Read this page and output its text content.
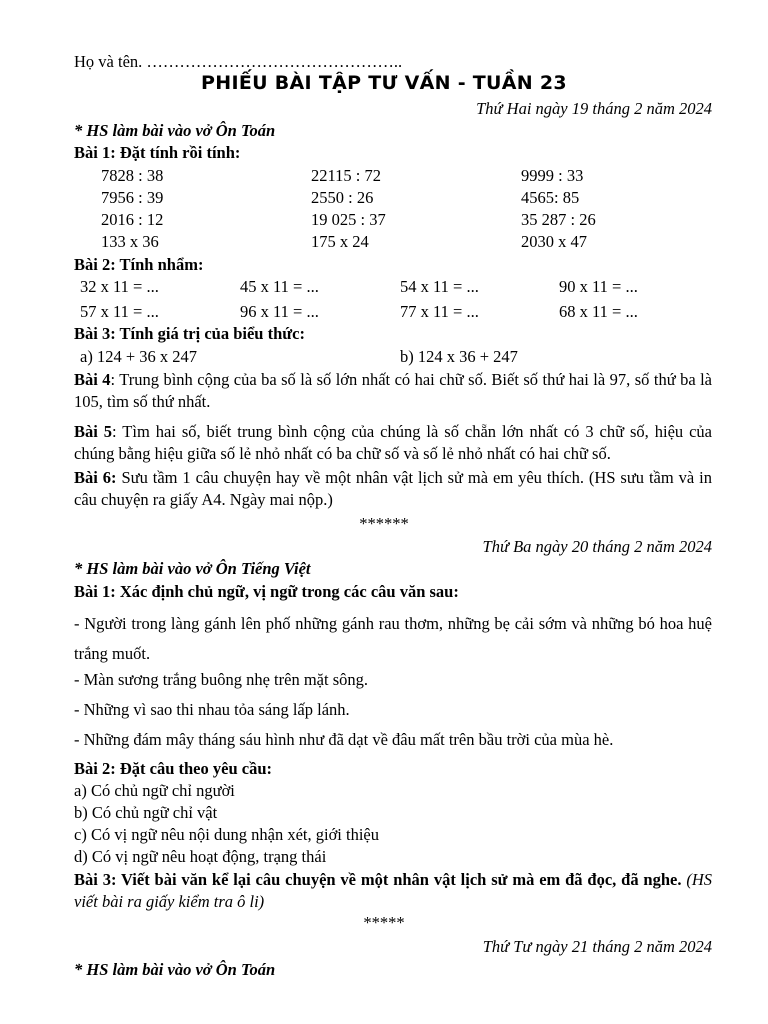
Họ và tên. ………………………………………..
PHIẾU BÀI TẬP TƯ VẤN - TUẦN 23
Thứ Hai ngày 19 tháng 2 năm 2024
* HS làm bài vào vở Ôn Toán
Bài 1: Đặt tính rồi tính:
7828 : 38	22115 : 72	9999 : 33
7956 : 39	2550 : 26	4565: 85
2016 : 12	19 025 : 37	35 287 : 26
133 x 36	175 x 24	2030 x 47
Bài 2: Tính nhẩm:
32 x 11 = ...	45 x 11 = ...	54 x 11 = ...	90 x 11 = ...
57 x 11 = ...	96 x 11 = ...	77 x 11 = ...	68 x 11 = ...
Bài 3: Tính giá trị của biểu thức:
a) 124 + 36 x 247	b) 124 x 36 + 247
Bài 4: Trung bình cộng của ba số là số lớn nhất có hai chữ số. Biết số thứ hai là 97, số thứ ba là 105, tìm số thứ nhất.
Bài 5: Tìm hai số, biết trung bình cộng của chúng là số chẵn lớn nhất có 3 chữ số, hiệu của chúng bằng hiệu giữa số lẻ nhỏ nhất có ba chữ số và số lẻ nhỏ nhất có hai chữ số.
Bài 6: Sưu tầm 1 câu chuyện hay về một nhân vật lịch sử mà em yêu thích. (HS sưu tầm và in câu chuyện ra giấy A4. Ngày mai nộp.)
******
Thứ Ba ngày 20 tháng 2 năm 2024
* HS làm bài vào vở Ôn Tiếng Việt
Bài 1: Xác định chủ ngữ, vị ngữ trong các câu văn sau:
- Người trong làng gánh lên phố những gánh rau thơm, những bẹ cải sớm và những bó hoa huệ trắng muốt.
- Màn sương trắng buông nhẹ trên mặt sông.
- Những vì sao thi nhau tỏa sáng lấp lánh.
- Những đám mây tháng sáu hình như đã dạt về đâu mất trên bầu trời của mùa hè.
Bài 2: Đặt câu theo yêu cầu:
a) Có chủ ngữ chỉ người
b) Có chủ ngữ chỉ vật
c) Có vị ngữ nêu nội dung nhận xét, giới thiệu
d) Có vị ngữ nêu hoạt động, trạng thái
Bài 3: Viết bài văn kể lại câu chuyện về một nhân vật lịch sử mà em đã đọc, đã nghe. (HS viết bài ra giấy kiểm tra ô li)
*****
Thứ Tư ngày 21 tháng 2 năm 2024
* HS làm bài vào vở Ôn Toán
